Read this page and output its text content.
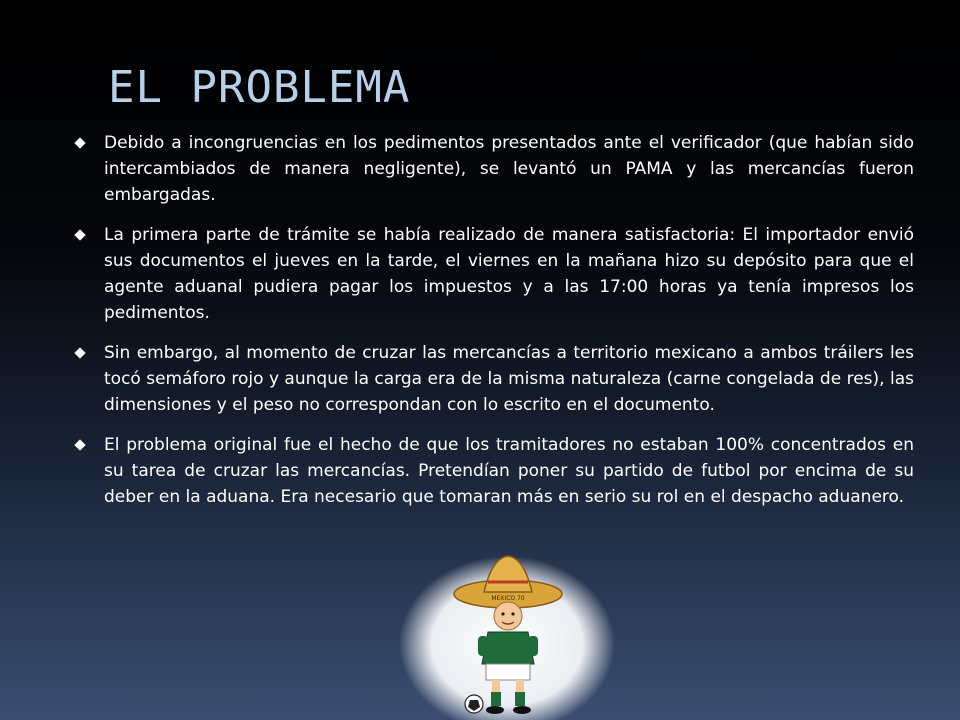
EL PROBLEMA
Debido a incongruencias en los pedimentos presentados ante el verificador (que habían sido intercambiados de manera negligente), se levantó un PAMA y las mercancías fueron embargadas.
La primera parte de trámite se había realizado de manera satisfactoria: El importador envió sus documentos el jueves en la tarde, el viernes en la mañana hizo su depósito para que el agente aduanal pudiera pagar los impuestos y a las 17:00 horas ya tenía impresos los pedimentos.
Sin embargo, al momento de cruzar las mercancías a territorio mexicano a ambos tráilers les tocó semáforo rojo y aunque la carga era de la misma naturaleza (carne congelada de res), las dimensiones y el peso no correspondan con lo escrito en el documento.
El problema original fue el hecho de que los tramitadores no estaban 100% concentrados en su tarea de cruzar las mercancías. Pretendían poner su partido de futbol por encima de su deber en la aduana. Era necesario que tomaran más en serio su rol en el despacho aduanero.
MEXICO 70
